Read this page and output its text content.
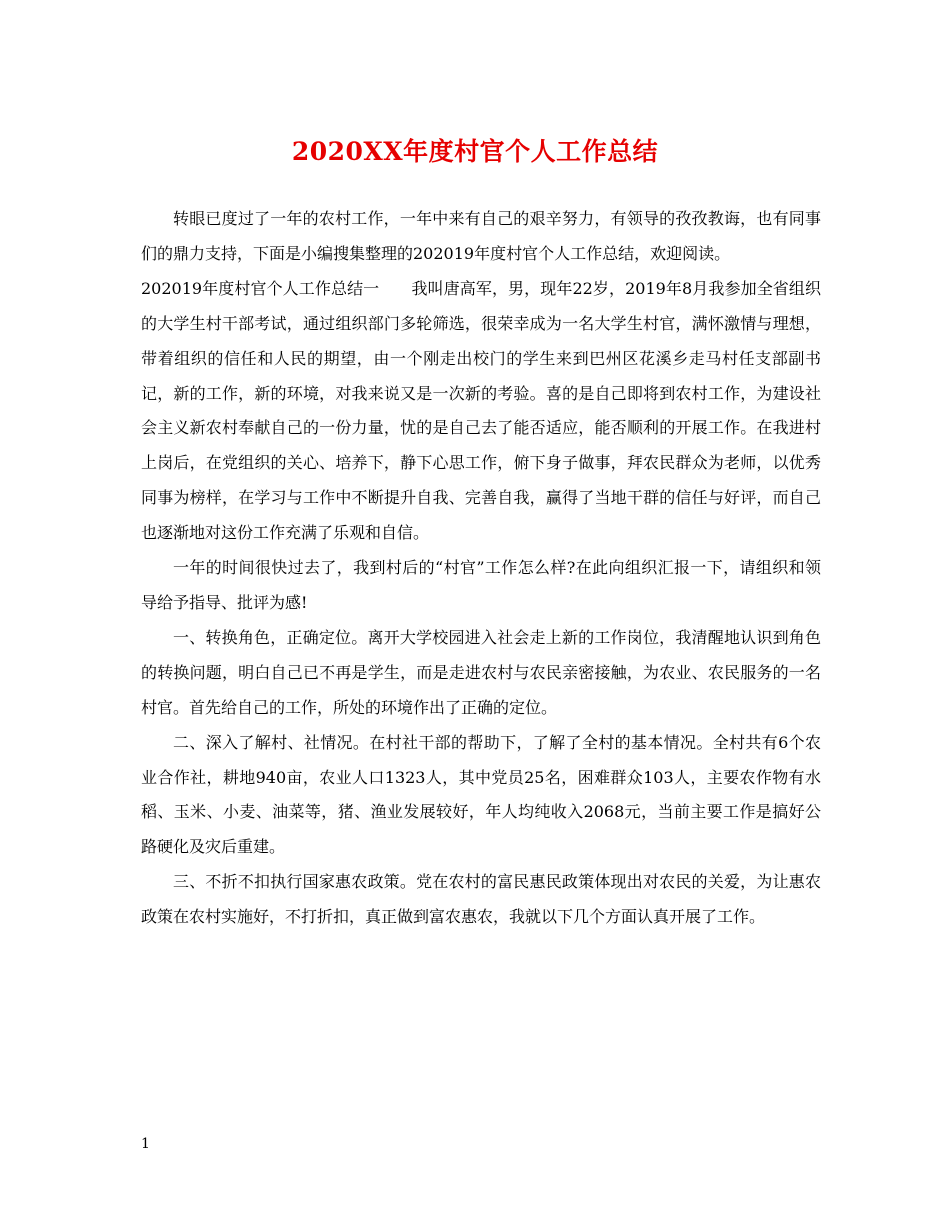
2020XX年度村官个人工作总结

转眼已度过了一年的农村工作，一年中来有自己的艰辛努力，有领导的孜孜教诲，也有同事们的鼎力支持，下面是小编搜集整理的202019年度村官个人工作总结，欢迎阅读。

202019年度村官个人工作总结一　　我叫唐高军，男，现年22岁，2019年8月我参加全省组织的大学生村干部考试，通过组织部门多轮筛选，很荣幸成为一名大学生村官，满怀激情与理想，带着组织的信任和人民的期望，由一个刚走出校门的学生来到巴州区花溪乡走马村任支部副书记，新的工作，新的环境，对我来说又是一次新的考验。喜的是自己即将到农村工作，为建设社会主义新农村奉献自己的一份力量，忧的是自己去了能否适应，能否顺利的开展工作。在我进村上岗后，在党组织的关心、培养下，静下心思工作，俯下身子做事，拜农民群众为老师，以优秀同事为榜样，在学习与工作中不断提升自我、完善自我，赢得了当地干群的信任与好评，而自己也逐渐地对这份工作充满了乐观和自信。

一年的时间很快过去了，我到村后的“村官”工作怎么样?在此向组织汇报一下，请组织和领导给予指导、批评为感!

一、转换角色，正确定位。离开大学校园进入社会走上新的工作岗位，我清醒地认识到角色的转换问题，明白自己已不再是学生，而是走进农村与农民亲密接触，为农业、农民服务的一名村官。首先给自己的工作，所处的环境作出了正确的定位。

二、深入了解村、社情况。在村社干部的帮助下，了解了全村的基本情况。全村共有6个农业合作社，耕地940亩，农业人口1323人，其中党员25名，困难群众103人，主要农作物有水稻、玉米、小麦、油菜等，猪、渔业发展较好，年人均纯收入2068元，当前主要工作是搞好公路硬化及灾后重建。

三、不折不扣执行国家惠农政策。党在农村的富民惠民政策体现出对农民的关爱，为让惠农政策在农村实施好，不打折扣，真正做到富农惠农，我就以下几个方面认真开展了工作。

1
